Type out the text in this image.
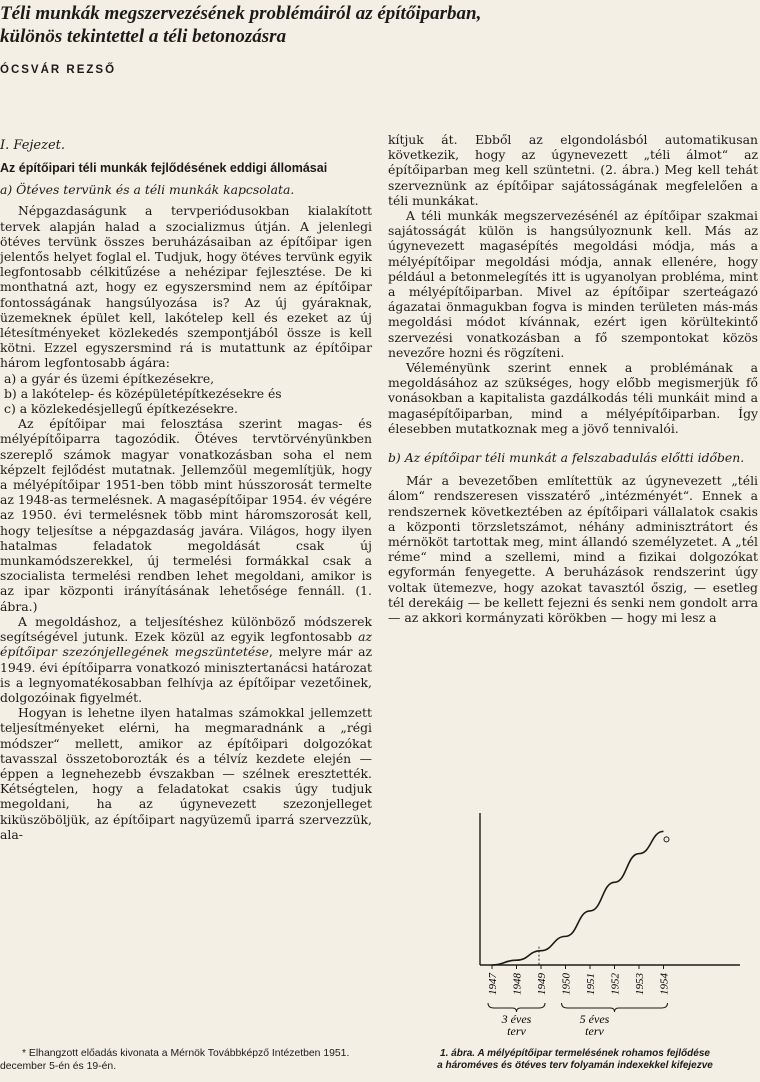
Téli munkák megszervezésének problémáiról az építőiparban,
különös tekintettel a téli betonozásra
ÓCSVÁR REZSŐ

I. Fejezet.

Az építőipari téli munkák fejlődésének eddigi állomásai

a) Ötéves tervünk és a téli munkák kapcsolata.

Népgazdaságunk a tervperiódusokban kialakított tervek alapján halad a szocializmus útján. A jelenlegi ötéves tervünk összes beruházásaiban az építőipar igen jelentős helyet foglal el. Tudjuk, hogy ötéves tervünk egyik legfontosabb célkitűzése a nehézipar fejlesztése. De ki monthatná azt, hogy ez egyszersmind nem az építőipar fontosságának hangsúlyozása is? Az új gyáraknak, üzemeknek épület kell, lakótelep kell és ezeket az új létesítményeket közlekedés szempontjából össze is kell kötni. Ezzel egyszersmind rá is mutattunk az építőipar három legfontosabb ágára:

a) a gyár és üzemi építkezésekre,

b) a lakótelep- és középületépítkezésekre és

c) a közlekedésjellegű építkezésekre.

Az építőipar mai felosztása szerint magas- és mélyépítőiparra tagozódik. Ötéves tervtörvényünkben szereplő számok magyar vonatkozásban soha el nem képzelt fejlődést mutatnak. Jellemzőül megemlítjük, hogy a mélyépítőipar 1951-ben több mint hússzorosát termelte az 1948-as termelésnek. A magasépítőipar 1954. év végére az 1950. évi termelésnek több mint háromszorosát kell, hogy teljesítse a népgazdaság javára. Világos, hogy ilyen hatalmas feladatok megoldását csak új munkamódszerekkel, új termelési formákkal csak a szocialista termelési rendben lehet megoldani, amikor is az ipar központi irányításának lehetősége fennáll. (1. ábra.)

A megoldáshoz, a teljesítéshez különböző módszerek segítségével jutunk. Ezek közül az egyik legfontosabb az építőipar szezónjellegének megszüntetése, melyre már az 1949. évi építőiparra vonatkozó minisztertanácsi határozat is a legnyomatékosabban felhívja az építőipar vezetőinek, dolgozóinak figyelmét.

Hogyan is lehetne ilyen hatalmas számokkal jellemzett teljesítményeket elérni, ha megmaradnánk a „régi módszer“ mellett, amikor az építőipari dolgozókat tavasszal összetoborozták és a télvíz kezdete elején — éppen a legnehezebb évszakban — szélnek eresztették. Kétségtelen, hogy a feladatokat csakis úgy tudjuk megoldani, ha az úgynevezett szezonjelleget kiküszöböljük, az építőipart nagyüzemű iparrá szervezzük, ala-

kítjuk át. Ebből az elgondolásból automatikusan következik, hogy az úgynevezett „téli álmot“ az építőiparban meg kell szüntetni. (2. ábra.) Meg kell tehát szerveznünk az építőipar sajátosságának megfelelően a téli munkákat.

A téli munkák megszervezésénél az építőipar szakmai sajátosságát külön is hangsúlyoznunk kell. Más az úgynevezett magasépítés megoldási módja, más a mélyépítőipar megoldási módja, annak ellenére, hogy például a betonmelegítés itt is ugyanolyan probléma, mint a mélyépítőiparban. Mivel az építőipar szerteágazó ágazatai önmagukban fogva is minden területen más-más megoldási módot kívánnak, ezért igen körültekintő szervezési vonatkozásban a fő szempontokat közös nevezőre hozni és rögzíteni.

Véleményünk szerint ennek a problémának a megoldásához az szükséges, hogy előbb megismerjük fő vonásokban a kapitalista gazdálkodás téli munkáit mind a magasépítőiparban, mind a mélyépítőiparban. Így élesebben mutatkoznak meg a jövő tennivalói.

b) Az építőipar téli munkát a felszabadulás előtti időben.

Már a bevezetőben említettük az úgynevezett „téli álom“ rendszeresen visszatérő „intézményét“. Ennek a rendszernek következtében az építőipari vállalatok csakis a központi törzsletszámot, néhány adminisztrátort és mérnököt tartottak meg, mint állandó személyzetet. A „tél réme“ mind a szellemi, mind a fizikai dolgozókat egyformán fenyegette. A beruházások rendszerint úgy voltak ütemezve, hogy azokat tavasztól őszig, — esetleg tél derekáig — be kellett fejezni és senki nem gondolt arra — az akkori kormányzati körökben — hogy mi lesz a

1947 1948 1949 1950 1951 1952 1953 1954
3 éves
terv
5 éves
terv

1. ábra. A mélyépítőipar termelésének rohamos fejlődése

a hároméves és ötéves terv folyamán indexekkel kifejezve

* Elhangzott előadás kivonata a Mérnök Továbbképző Intézetben 1951. december 5-én és 19-én.
